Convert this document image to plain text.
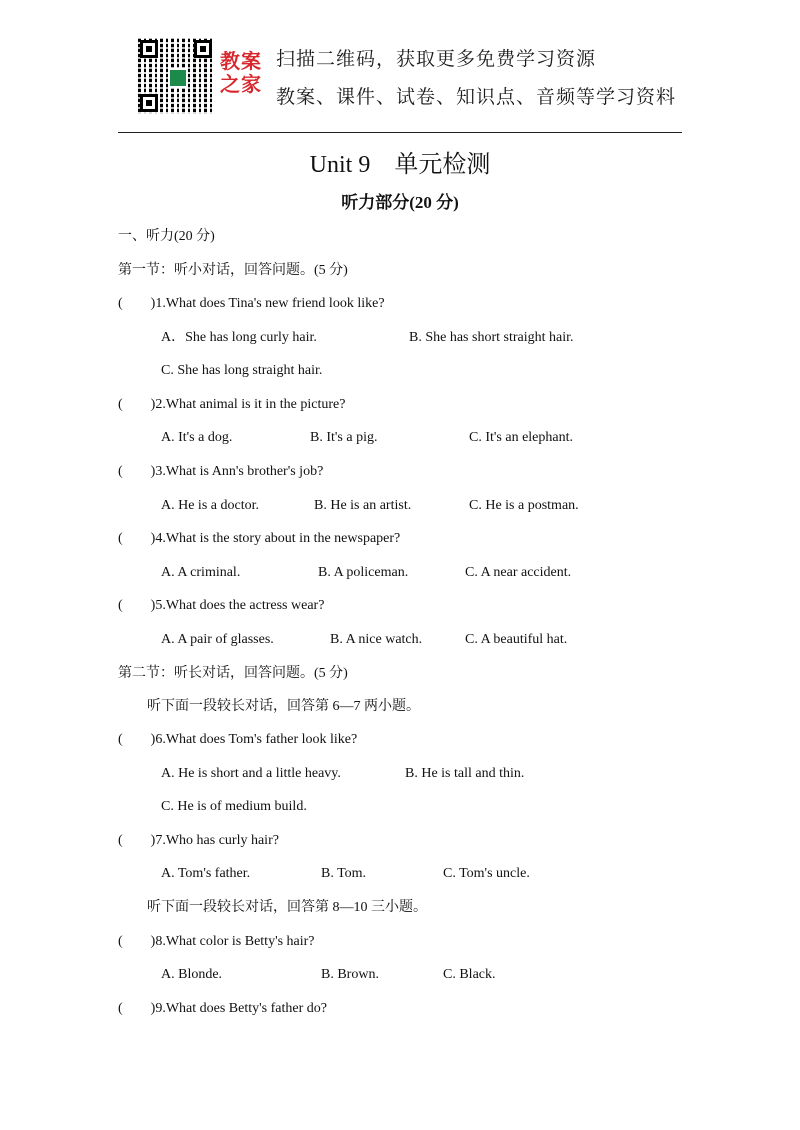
教案
之家
扫描二维码，获取更多免费学习资源
教案、课件、试卷、知识点、音频等学习资料
Unit 9　单元检测
听力部分(20 分)
一、听力(20 分)
第一节：听小对话，回答问题。(5 分)
(　　)1.What does Tina's new friend look like?
A．She has long curly hair.	B. She has short straight hair.
C. She has long straight hair.
(　　)2.What animal is it in the picture?
A. It's a dog.	B. It's a pig.	C. It's an elephant.
(　　)3.What is Ann's brother's job?
A. He is a doctor.	B. He is an artist.	C. He is a postman.
(　　)4.What is the story about in the newspaper?
A. A criminal.	B. A policeman.	C. A near accident.
(　　)5.What does the actress wear?
A. A pair of glasses.	B. A nice watch.	C. A beautiful hat.
第二节：听长对话，回答问题。(5 分)
听下面一段较长对话，回答第 6—7 两小题。
(　　)6.What does Tom's father look like?
A. He is short and a little heavy.	B. He is tall and thin.
C. He is of medium build.
(　　)7.Who has curly hair?
A. Tom's father.	B. Tom.	C. Tom's uncle.
听下面一段较长对话，回答第 8—10 三小题。
(　　)8.What color is Betty's hair?
A. Blonde.	B. Brown.	C. Black.
(　　)9.What does Betty's father do?
